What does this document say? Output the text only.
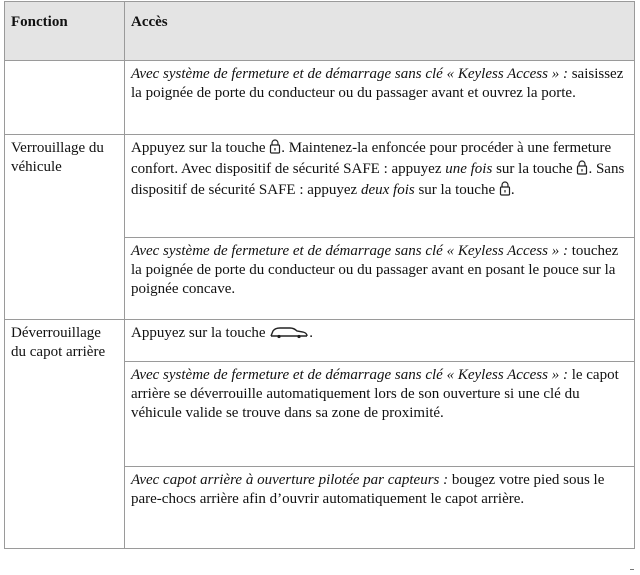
Fonction	Accès

	Avec système de fermeture et de démarrage sans clé « Keyless Access » : saisissez la poignée de porte du conducteur ou du passager avant et ouvrez la porte.

Verrouillage du véhicule	Appuyez sur la touche . Maintenez-la enfoncée pour procéder à une fermeture confort. Avec dispositif de sécurité SAFE : appuyez une fois sur la touche . Sans dispositif de sécurité SAFE : appuyez deux fois sur la touche .

	Avec système de fermeture et de démarrage sans clé « Keyless Access » : touchez la poignée de porte du conducteur ou du passager avant en posant le pouce sur la poignée concave.

Déverrouillage du capot arrière	Appuyez sur la touche .

	Avec système de fermeture et de démarrage sans clé « Keyless Access » : le capot arrière se déverrouille automatiquement lors de son ouverture si une clé du véhicule valide se trouve dans sa zone de proximité.

	Avec capot arrière à ouverture pilotée par capteurs : bougez votre pied sous le pare-chocs arrière afin d’ouvrir automatiquement le capot arrière.
